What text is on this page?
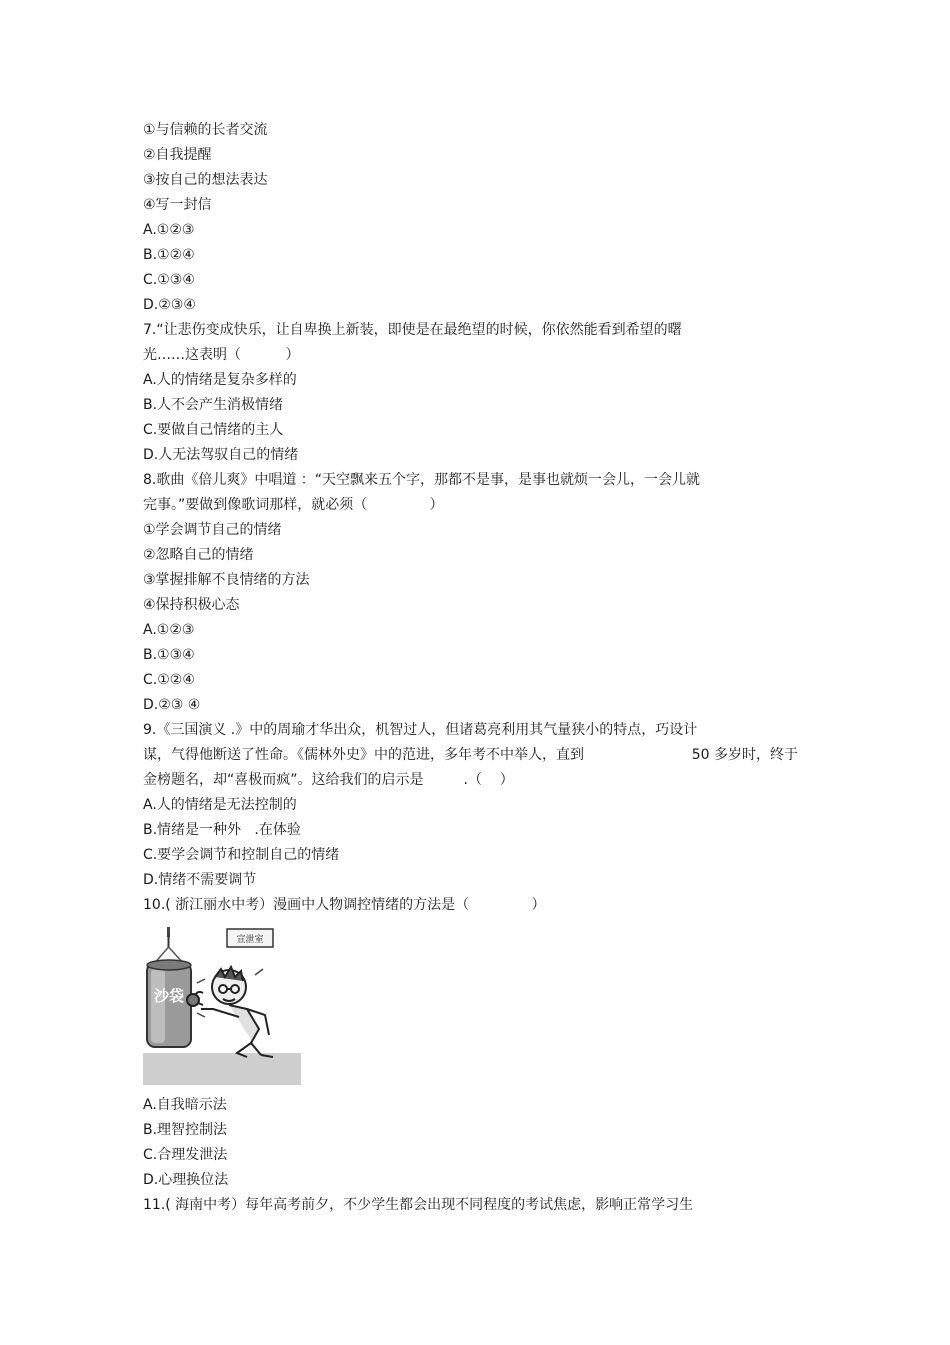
①与信赖的长者交流
②自我提醒
③按自己的想法表达
④写一封信
A.①②③
B.①②④
C.①③④
D.②③④
7.“让悲伤变成快乐，让自卑换上新装，即使是在最绝望的时候，你依然能看到希望的曙
光……这表明（          ）
A.人的情绪是复杂多样的
B.人不会产生消极情绪
C.要做自己情绪的主人
D.人无法驾驭自己的情绪
8.歌曲《倍儿爽》中唱道 ：“天空飘来五个字，那都不是事，是事也就烦一会儿，一会儿就
完事。”要做到像歌词那样，就必须（              ）
①学会调节自己的情绪
②忽略自己的情绪
③掌握排解不良情绪的方法
④保持积极心态
A.①②③
B.①③④
C.①②④
D.②③ ④
9.《三国演义 .》中的周瑜才华出众，机智过人，但诸葛亮利用其气量狭小的特点，巧设计
谋，气得他断送了性命。《儒林外史》中的范进，多年考不中举人，直到	50 多岁时，终于
金榜题名，却“喜极而疯”。这给我们的启示是         .（    ）
A.人的情绪是无法控制的
B.情绪是一种外   .在体验
C.要学会调节和控制自己的情绪
D.情绪不需要调节
10.( 浙江丽水中考）漫画中人物调控情绪的方法是（              ）
沙袋
宣泄室
A.自我暗示法
B.理智控制法
C.合理发泄法
D.心理换位法
11.( 海南中考）每年高考前夕，不少学生都会出现不同程度的考试焦虑，影响正常学习生
